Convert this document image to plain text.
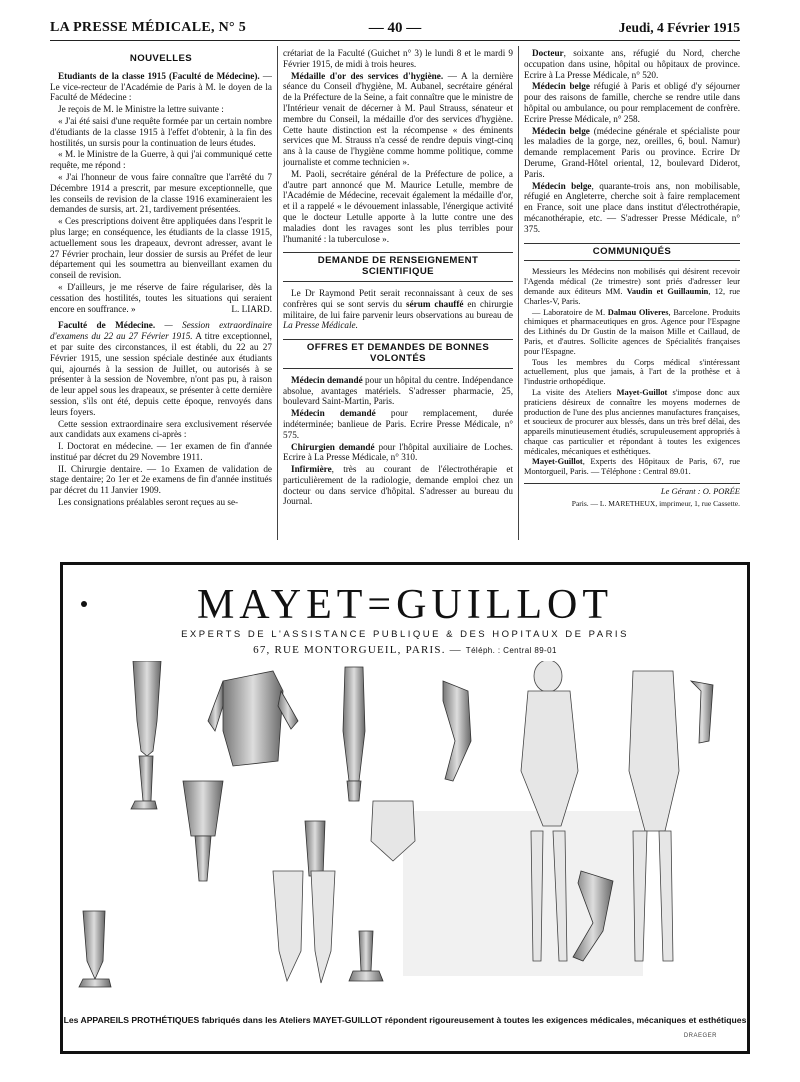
LA PRESSE MÉDICALE, N° 5	— 40 —	Jeudi, 4 Février 1915
NOUVELLES

Etudiants de la classe 1915 (Faculté de Médecine). — Le vice-recteur de l'Académie de Paris à M. le doyen de la Faculté de Médecine :

Je reçois de M. le Ministre la lettre suivante :

« J'ai été saisi d'une requête formée par un certain nombre d'étudiants de la classe 1915 à l'effet d'obtenir, à la fin des hostilités, un sursis pour la continuation de leurs études.

« M. le Ministre de la Guerre, à qui j'ai communiqué cette requête, me répond :

« J'ai l'honneur de vous faire connaître que l'arrêté du 7 Décembre 1914 a prescrit, par mesure exceptionnelle, que les conseils de revision de la classe 1916 examineraient les demandes de sursis, art. 21, tardivement présentées.

« Ces prescriptions doivent être appliquées dans l'esprit le plus large; en conséquence, les étudiants de la classe 1915, actuellement sous les drapeaux, devront adresser, avant le 27 Février prochain, leur dossier de sursis au Préfet de leur département qui les soumettra au bienveillant examen du conseil de revision.

« D'ailleurs, je me réserve de faire régulariser, dès la cessation des hostilités, toutes les situations qui seraient encore en souffrance. »	L. LIARD.

Faculté de Médecine. — Session extraordinaire d'examens du 22 au 27 Février 1915. A titre exceptionnel, et par suite des circonstances, il est établi, du 22 au 27 Février 1915, une session spéciale destinée aux étudiants qui, ajournés à la session de Juillet, ou autorisés à se présenter à la session de Novembre, n'ont pas pu, à raison de leur appel sous les drapeaux, se présenter à cette dernière session, s'ils ont été, depuis cette époque, renvoyés dans leurs foyers.

Cette session extraordinaire sera exclusivement réservée aux candidats aux examens ci-après :

I. Doctorat en médecine. — 1er examen de fin d'année institué par décret du 29 Novembre 1911.

II. Chirurgie dentaire. — 1o Examen de validation de stage dentaire; 2o 1er et 2e examens de fin d'année institués par décret du 11 Janvier 1909.

Les consignations préalables seront reçues au se-

crétariat de la Faculté (Guichet n° 3) le lundi 8 et le mardi 9 Février 1915, de midi à trois heures.

Médaille d'or des services d'hygiène. — A la dernière séance du Conseil d'hygiène, M. Aubanel, secrétaire général de la Préfecture de la Seine, a fait connaître que le ministre de l'Intérieur venait de décerner à M. Paul Strauss, sénateur et membre du Conseil, la médaille d'or des services d'hygiène. Cette haute distinction est la récompense « des éminents services que M. Strauss n'a cessé de rendre depuis vingt-cinq ans à la cause de l'hygiène comme homme politique, comme journaliste et comme technicien ».

M. Paoli, secrétaire général de la Préfecture de police, a d'autre part annoncé que M. Maurice Letulle, membre de l'Académie de Médecine, recevait également la médaille d'or, et il a rappelé « le dévouement inlassable, l'énergique activité que le docteur Letulle apporte à la lutte contre une des maladies dont les ravages sont les plus terribles pour l'humanité : la tuberculose ».

DEMANDE DE RENSEIGNEMENT SCIENTIFIQUE

Le Dr Raymond Petit serait reconnaissant à ceux de ses confrères qui se sont servis du sérum chauffé en chirurgie militaire, de lui faire parvenir leurs observations au bureau de La Presse Médicale.

OFFRES ET DEMANDES DE BONNES VOLONTÉS

Médecin demandé pour un hôpital du centre. Indépendance absolue, avantages matériels. S'adresser pharmacie, 25, boulevard Saint-Martin, Paris.

Médecin demandé pour remplacement, durée indéterminée; banlieue de Paris. Ecrire Presse Médicale, n° 575.

Chirurgien demandé pour l'hôpital auxiliaire de Loches. Ecrire à La Presse Médicale, n° 310.

Infirmière, très au courant de l'électrothérapie et particulièrement de la radiologie, demande emploi chez un docteur ou dans service d'hôpital. S'adresser au bureau du Journal.

Docteur, soixante ans, réfugié du Nord, cherche occupation dans usine, hôpital ou hôpitaux de province. Ecrire à La Presse Médicale, n° 520.

Médecin belge réfugié à Paris et obligé d'y séjourner pour des raisons de famille, cherche se rendre utile dans hôpital ou ambulance, ou pour remplacement de confrère. Ecrire Presse Médicale, n° 258.

Médecin belge (médecine générale et spécialiste pour les maladies de la gorge, nez, oreilles, 6, boul. Namur) demande remplacement Paris ou province. Ecrire Dr Derume, Grand-Hôtel oriental, 12, boulevard Diderot, Paris.

Médecin belge, quarante-trois ans, non mobilisable, réfugié en Angleterre, cherche soit à faire remplacement en France, soit une place dans institut d'électrothérapie, mécanothérapie, etc. — S'adresser Presse Médicale, n° 375.

COMMUNIQUÉS

Messieurs les Médecins non mobilisés qui désirent recevoir l'Agenda médical (2e trimestre) sont priés d'adresser leur demande aux éditeurs MM. Vaudin et Guillaumin, 12, rue Charles-V, Paris.

— Laboratoire de M. Dalmau Oliveres, Barcelone. Produits chimiques et pharmaceutiques en gros. Agence pour l'Espagne des Lithinés du Dr Gustin de la maison Mille et Caillaud, de Paris, et d'autres. Sollicite agences de Spécialités françaises pour l'Espagne.

Tous les membres du Corps médical s'intéressant actuellement, plus que jamais, à l'art de la prothèse et à l'industrie orthopédique.

La visite des Ateliers Mayet-Guillot s'impose donc aux praticiens désireux de connaître les moyens modernes de production de l'une des plus anciennes manufactures françaises, et soucieux de procurer aux blessés, dans un très bref délai, des appareils minutieusement étudiés, scrupuleusement appropriés à chaque cas particulier et répondant à toutes les exigences médicales, mécaniques et esthétiques.

Mayet-Guillot, Experts des Hôpitaux de Paris, 67, rue Montorgueil, Paris. — Téléphone : Central 89.01.

Le Gérant : O. PORÉE
Paris. — L. MARETHEUX, imprimeur, 1, rue Cassette.
MAYET=GUILLOT
EXPERTS DE L'ASSISTANCE PUBLIQUE & DES HOPITAUX DE PARIS
67, RUE MONTORGUEIL, PARIS. — Téléph. : Central 89-01
Les APPAREILS PROTHÉTIQUES fabriqués dans les Ateliers MAYET-GUILLOT répondent rigoureusement à toutes les exigences médicales, mécaniques et esthétiques
DRAEGER
